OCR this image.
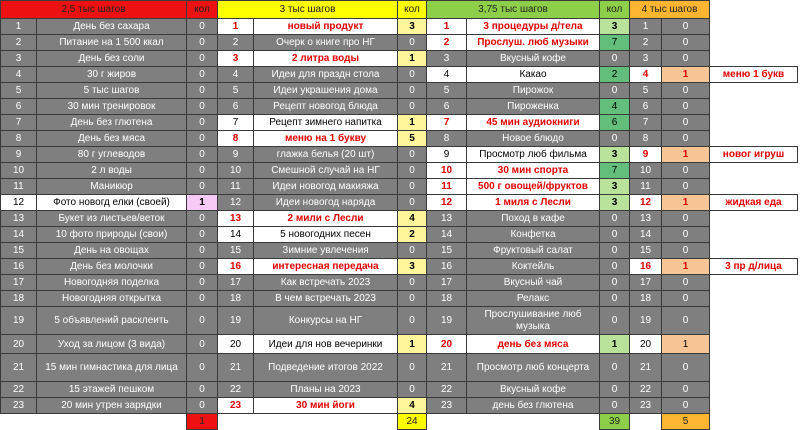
2,5 тыс шагов		кол	3 тыс шагов		кол	3,75 тыс шагов		кол	4 тыс шагов		
1	День без сахара	0	1	новый продукт	3	1	3 процедуры д/тела	3	1	0	
2	Питание на 1 500 ккал	0	2	Очерк о книге про НГ	0	2	Прослуш. люб музыки	7	2	0	
3	День без соли	0	3	2 литра воды	1	3	Вкусный кофе	0	3	0	
4	30 г жиров	0	4	Идеи для праздн стола	0	4	Какао	2	4	1	меню 1 букв
5	5 тыс шагов	0	5	Идеи украшения дома	0	5	Пирожок	0	5	0	
6	30 мин тренировок	0	6	Рецепт новогод блюда	0	6	Пироженка	4	6	0	
7	День без глютена	0	7	Рецепт зимнего напитка	1	7	45 мин аудиокниги	6	7	0	
8	День без мяса	0	8	меню на 1 букву	5	8	Новое блюдо	0	8	0	
9	80 г углеводов	0	9	глажка белья (20 шт)	0	9	Просмотр люб фильма	3	9	1	новог игруш
10	2 л воды	0	10	Смешной случай на НГ	0	10	30 мин спорта	7	10	0	
11	Маникюр	0	11	Идеи новогод макияжа	0	11	500 г овощей/фруктов	3	11	0	
12	Фото новогд елки (своей)	1	12	Идеи новогод наряда	0	12	1 миля с Лесли	3	12	1	жидкая еда
13	Букет из листьев/веток	0	13	2 мили с Лесли	4	13	Поход в кафе	0	13	0	
14	10 фото природы (свои)	0	14	5 новогодних песен	2	14	Конфетка	0	14	0	
15	День на овощах	0	15	Зимние увлечения	0	15	Фруктовый салат	0	15	0	
16	День без молочки	0	16	интересная передача	3	16	Коктейль	0	16	1	3 пр д/лица
17	Новогодняя поделка	0	17	Как встречать 2023	0	17	Вкусный чай	0	17	0	
18	Новогодняя открытка	0	18	В чем встречать 2023	0	18	Релакс	0	18	0	
19	5 объявлений расклеить	0	19	Конкурсы на НГ	0	19	Прослушивание люб музыка	0	19	0	
20	Уход за лицом (3 вида)	0	20	Идеи для нов вечеринки	1	20	день без мяса	1	20	1	
21	15 мин гимнастика для лица	0	21	Подведение итогов 2022	0	21	Просмотр люб концерта	0	21	0	
22	15 этажей пешком	0	22	Планы на 2023	0	22	Вкусный кофе	0	22	0	
23	20 мин утрен зарядки	0	23	30 мин йоги	4	23	день без глютена	0	23	0	
		1			24			39		5	
